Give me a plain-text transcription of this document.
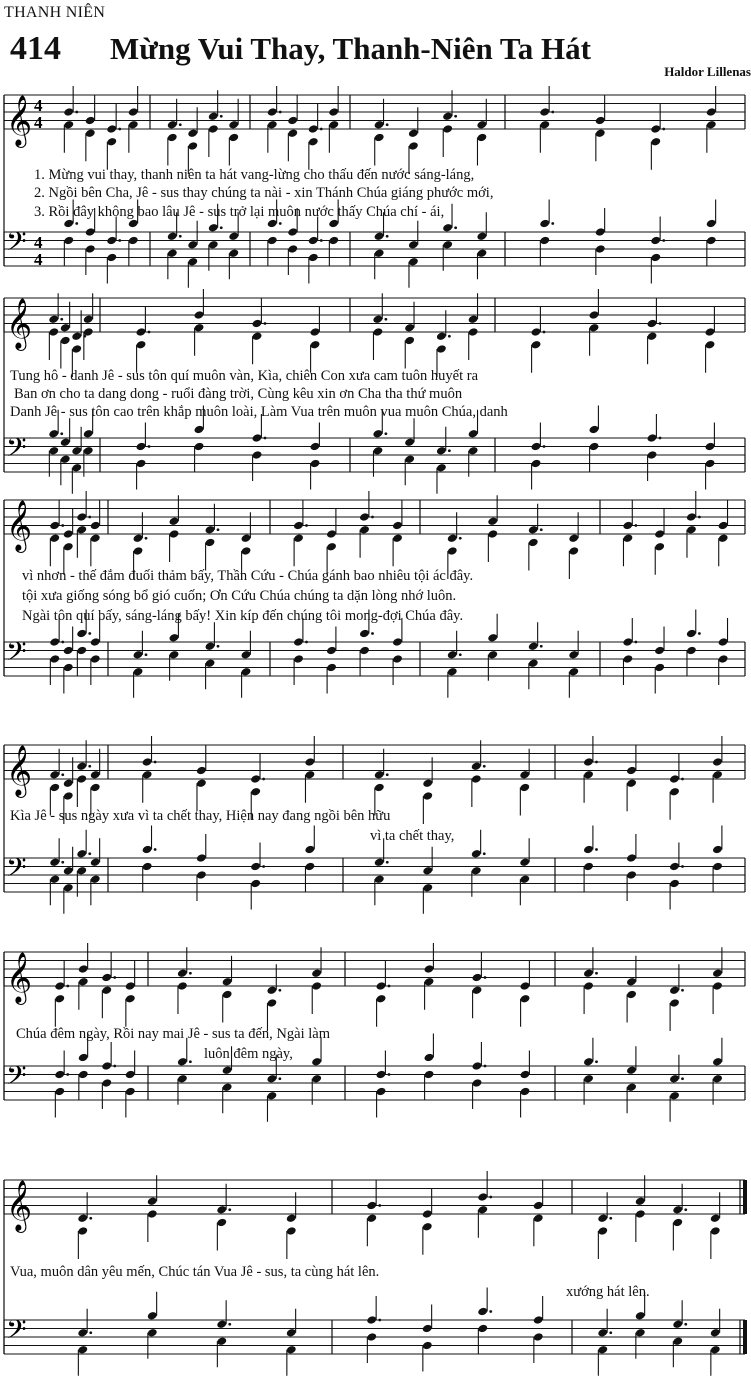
THANH NIÊN
414 Mừng Vui Thay, Thanh-Niên Ta Hát
Haldor Lillenas
𝄞 4
4
𝄢 4
4
𝄞
𝄢
𝄞
𝄢
𝄞
𝄢
𝄞
𝄢
𝄞
𝄢
1. Mừng vui thay, thanh niên ta hát vang-lừng cho thấu đến nước sáng-láng,
2. Ngồi bên Cha, Jê - sus thay chúng ta nài - xin Thánh Chúa giáng phước mới,
3. Rồi đây không bao lâu Jê - sus trở lại muôn nước thấy Chúa chí - ái,
Tung hô - danh Jê - sus tôn quí muôn vàn, Kìa, chiên Con xưa cam tuôn huyết ra
Ban ơn cho ta dang dong - ruổi đàng trời, Cùng kêu xin ơn Cha tha thứ muôn
Danh Jê - sus tôn cao trên khắp muôn loài, Làm Vua trên muôn vua muôn Chúa, danh
vì nhơn - thế đắm đuối thảm bấy, Thần Cứu - Chúa gánh bao nhiêu tội ác đây.
tội xưa giống sóng bổ gió cuốn; Ơn Cứu Chúa chúng ta dặn lòng nhớ luôn.
Ngài tôn quí bấy, sáng-láng bấy! Xin kíp đến chúng tôi mong-đợi Chúa đây.
Kìa Jê - sus ngày xưa vì ta chết thay, Hiện nay đang ngồi bên hữu
vì ta chết thay,
Chúa đêm ngày, Rồi nay mai Jê - sus ta đến, Ngài làm
luôn đêm ngày,
Vua, muôn dân yêu mến, Chúc tán Vua Jê - sus, ta cùng hát lên.
xướng hát lên.
